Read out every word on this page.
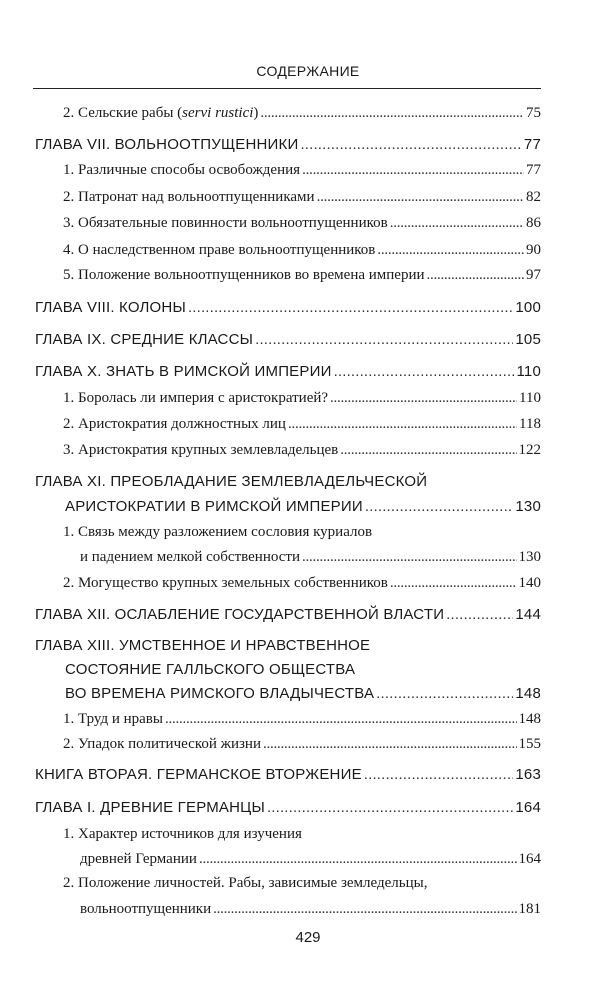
СОДЕРЖАНИЕ
2. Сельские рабы (servi rustici) . . .	75
ГЛАВА VII. ВОЛЬНООТПУЩЕННИКИ . . .	77
1. Различные способы освобождения . . .	77
2. Патронат над вольноотпущенниками . . .	82
3. Обязательные повинности вольноотпущенников . . .	86
4. О наследственном праве вольноотпущенников . . .	90
5. Положение вольноотпущенников во времена империи . . .	97
ГЛАВА VIII. КОЛОНЫ . . .	100
ГЛАВА IX. СРЕДНИЕ КЛАССЫ . . .	105
ГЛАВА X. ЗНАТЬ В РИМСКОЙ ИМПЕРИИ . . .	110
1. Боролась ли империя с аристократией? . . .	110
2. Аристократия должностных лиц . . .	118
3. Аристократия крупных землевладельцев . . .	122
ГЛАВА XI. ПРЕОБЛАДАНИЕ ЗЕМЛЕВЛАДЕЛЬЧЕСКОЙ
АРИСТОКРАТИИ В РИМСКОЙ ИМПЕРИИ . . .	130
1. Связь между разложением сословия куриалов
и падением мелкой собственности . . .	130
2. Могущество крупных земельных собственников . . .	140
ГЛАВА XII. ОСЛАБЛЕНИЕ ГОСУДАРСТВЕННОЙ ВЛАСТИ . . .	144
ГЛАВА XIII. УМСТВЕННОЕ И НРАВСТВЕННОЕ
СОСТОЯНИЕ ГАЛЛЬСКОГО ОБЩЕСТВА
ВО ВРЕМЕНА РИМСКОГО ВЛАДЫЧЕСТВА . . .	148
1. Труд и нравы . . .	148
2. Упадок политической жизни . . .	155
КНИГА ВТОРАЯ. ГЕРМАНСКОЕ ВТОРЖЕНИЕ . . .	163
ГЛАВА I. ДРЕВНИЕ ГЕРМАНЦЫ . . .	164
1. Характер источников для изучения
древней Германии . . .	164
2. Положение личностей. Рабы, зависимые земледельцы,
вольноотпущенники . . .	181
429
